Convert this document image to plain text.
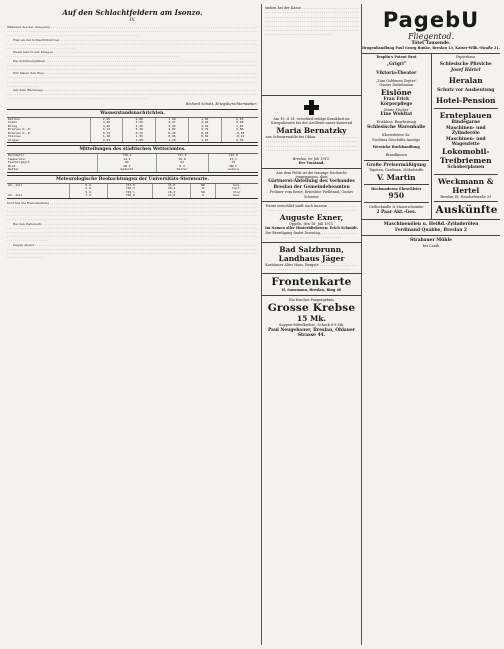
Auf den Schlachtfeldern am Isonzo.
IV.

Während des der Anlegung . . . . . . . . . . . . . . . . . . . . . . . . . . . . . . . . . . . . . . . . . . . . . . . . . . . . . . . . . . . . . . . . . . . . . . . . . . . . . . . . . . . . . . . . . . . . . . . . . . . . . . . . . . . . . . . . . . . . . . . . . . . . . . . . . . . . . . . . . . . . . . . . . . . . . . . . . . . . . . . . . . . . . . . . . . . . . . . . . . . . . . . . . . . . . . . . . . . . . . . . . . . . . . . . . . . . . . . . . . . . . . . . . . . . . . . . . . . . . . . . . . . . . . . . . . . . . . . . . . . . . . . . . . . . . . . . . . . . . . . . . . . . . . . . . . . . . . . . . . . . .

Hier an der Schlachtfront bei . . . . . . . . . . . . . . . . . . . . . . . . . . . . . . . . . . . . . . . . . . . . . . . . . . . . . . . . . . . . . . . . . . . . . . . . . . . . . . . . . . . . . . . . . . . . . . . . . . . . . . . . . . . . . . . . . . . . . . . . . . . . . . . . . . . . . . . . . . . . . . . . . . . . . . . . . . . . . . . . . . . . . . . . . . . . . . . . . . . . . . . . . . . . . . . . . . . . . . . . . . . . . . . . . . . . . . . . . . . . . . . . . . . . . . . . . . . . . . . . . . . . . . . . . . . . . . . . . . . . . . . .

Wenn man in der Krieges . . . . . . . . . . . . . . . . . . . . . . . . . . . . . . . . . . . . . . . . . . . . . . . . . . . . . . . . . . . . . . . . . . . . . . . . . . . . . . . . . . . . . . . . . . . . . . . . . . . . . . . . . . . . . . . . . . . . . . . . . . . . . . . . . . . . . . . . . . . . . . . . . . . . . . . . . . . . . . . . . . . . . . . . . . . . . . . . . . . . . . . . . . . . . . . .

Die Schützengräben . . . . . . . . . . . . . . . . . . . . . . . . . . . . . . . . . . . . . . . . . . . . . . . . . . . . . . . . . . . . . . . . . . . . . . . . . . . . . . . . . . . . . . . . . . . . . . . . . . . . . . . . . . . . . . . . . . . . . . . . . . . . . . . . . . . . . . . . . . . . . . . . . . . . . . . . . . . . . . . . . . . . . . . . . . . . . . . . . . . . . . . . . . . . . . . . . . . . . . . . . . . . . . . . . . . . . . . . . . . . . . . . . . . . . . . . . . . . . . . . . . . . . . . . . . . . . . . . . . . . . . . . . . . . . . . . . . . . . . . . . . . . . . . . . . . . . . . . . . . . . .

Wir haben den Weg . . . . . . . . . . . . . . . . . . . . . . . . . . . . . . . . . . . . . . . . . . . . . . . . . . . . . . . . . . . . . . . . . . . . . . . . . . . . . . . . . . . . . . . . . . . . . . . . . . . . . . . . . . . . . . . . . . . . . . . . . . . . . . . . . . . . . . . . . . . . . . . . . . . . . . . . . . . . . . . . . . . . . . . . . . . . . . . . . . . . . . . . . . . . . . . . . . . . . . . . . . . . . . . . . . . . . . . . . . . . . . . . . . . . . . . . . . . . . . . . . . . . . . . . . . . . . . . . . . . . . . . . . . . . . . . . . . . . . . . . . . . . . . . . . . . . . . . . . . . . . . . . . . . . . . . . . . . . . . . . . . . . . . . . . . . . . . . . . . . . . . . . . . . . . . . . . . . . . . . . . . . . . . . . . . . . . . . . . . . .

Auf dem Rückwege . . . . . . . . . . . . . . . . . . . . . . . . . . . . . . . . . . . . . . . . . . . . . . . . . . . . . . . . . . . . . . . . . . . . . . . . . . . . . . . . . . . . . . . . . . . . . . . . . . . . . . . . . . . . . . . . . . . . . . . . . . . . . . . . . . . . . . . . . . . . . . . . . . . . . . . . . . . . . . . . . . . . . . . . . . . . . . . . . . . . . . . . . . . . . . . . . . . . . . . . . . . . . . . . . . . . . . . . . . . . . . . . . . . . . . . . . . . . . . . . . . . . . . . . . . . . . . . . . . . . . . . . . . . . . . . . . . . . . . . . . . . . . . . . . . . . . . . . . . . . . . . . . . . . .

Richard Schott, Kriegsberichterstatter.
Wasserstandsnachrichten.
Ratibor	2,95	2,88	1,96	1,90	0,63
Cosel	3,40	3,36	2,27	2,20	0,90
Brieg	4,26	4,20	3,52	3,49	1,83
Breslau O.-P.	5,12	5,10	4,82	4,79	3,86
Breslau U.-P.	0,72	0,70	0,22	0,18	-0,68
Steinau	1,40	1,36	0,66	0,62	-0,12
Glogau	2,01	1,98	1,20	1,16	0,30
Mitteilungen des städtischen Wetteramtes.
Barometer	748,2	747,6	749,0
Temperatur	14,2	19,6	15,1
Feuchtigkeit	82	61	79
Wind	SW 2	W 3	NW 1
Wetter	bedeckt	heiter	wolkig
Meteorologische Beobachtungen der Universitäts-Sternwarte.
22. Juli	9 U.	747,8	15,0	NW	bed.
	2 U.	748,3	20,4	W	heit.
	9 U.	749,1	16,2	SW	klar
23. Juli	7 U.	750,0	13,8	S	bed.

Dort hat die Heeresleitung . . . . . . . . . . . . . . . . . . . . . . . . . . . . . . . . . . . . . . . . . . . . . . . . . . . . . . . . . . . . . . . . . . . . . . . . . . . . . . . . . . . . . . . . . . . . . . . . . . . . . . . . . . . . . . . . . . . . . . . . . . . . . . . . . . . . . . . . . . . . . . . . . . . . . . . . . . . . . . . . . . . . . . . . . . . . . . . . . . . . . . . . . . . . . . . . . . . . . . . . . . . . . . . . . . . . . . . . . . . . . . . . . . . . . . . . . . . . . . . . . . . . . . . . . . . . . . . . . . . . . . . . . . . . . . . . . . . . . . . . . . . . . . . . . . . . . . . . . . . . . . . . . . . . . . . . . . . . . . . . . . . . . . . . . . . . . . . . . . . . . . . . . . . . . . . . . . . . . . . . . . . . . . . . . . . . . . . . . . . . . . . . . . . . . . . . . . . . . . . . . . . . . . . . . . . . . . . . . . . . . . . . . . . . . . . . . . . . . . . . . . . . . . . . . . . . . . . . . . . . . . . . . . . . . . . . . . . . . . . . . . . . . . . . . . . . . . . . . . . . . . . . . . . . . . . . . . . . . . . . . . . . . . . . . . . . . . . . . . . . . . . . . . . . . . . . . . . . . . . . . . . . . . . . . . . . . . . . . . . . . .

Bei den Italienern . . . . . . . . . . . . . . . . . . . . . . . . . . . . . . . . . . . . . . . . . . . . . . . . . . . . . . . . . . . . . . . . . . . . . . . . . . . . . . . . . . . . . . . . . . . . . . . . . . . . . . . . . . . . . . . . . . . . . . . . . . . . . . . . . . . . . . . . . . . . . . . . . . . . . . . . . . . . . . . . . . . . . . . . . . . . . . . . . . . . . . . . . . . . . . . . . . . . . . . . . . . . . . . . . . . . . . . . . . . . . . . . . . . . . . . . . . . . . . . . . . . . . . . . . . . . . . . . . . . . . . . . . . . . . . . . . . . . . . . . . . . . . . . . . . . . . . . . . . . . . . . . . . . . . . . . . . . . . . . . . . . . . . . . . . . . . . . . . . . . . . . . . . . . . . . . . . . . . . . . . . . . . . . . . . . . . . . . . . . . . . . . . . . . . . . . . . . . . . . . . . . . . . . . . . . . . . . . . . . . . . . . . . . . . . . . . . . . . . . . . . . . . . . . . . . . . . . . . . . . . . . . . . . . . . . . . . . . . . . . . . . . . . . . . . . . . . . . . . . . . . . . . . . . . . . . . . .

Gegen Abend . . . . . . . . . . . . . . . . . . . . . . . . . . . . . . . . . . . . . . . . . . . . . . . . . . . . . . . . . . . . . . . . . . . . . . . . . . . . . . . . . . . . . . . . . . . . . . . . . . . . . . . . . . . . . . . . . . . . . . . . . . . . . . . . . . . . . . . . . . . . . . . . . . . . . . . . . . . . . . . . . . . . . . . . . . . . . . . . . . . . . . . . . . . . . . . . . . . . . . . . . . . . . . . . . . . . . . . . . . . . . . . . . . . . . . . . . . . . . . . . . . . . . . . . . . . . . . . . . . . . . . . . . . . . . . . . . . . . . . . . . . . . . . . . . . . . . . . . . . . . . . . . . . . . . . . . . . . . . . . . . . . . . . . . . . . . . . . . . . . . . . . . . . . . . . . . . . . . . . . . . . . . . . . . . . . . . . . . . . . . . . . . . . . .

stehen bei der Kasse . . . . . . . . . . . . . . . . . . . . . . . . . . . . . . . . . . . . . . . . . . . . . . . . . . . . . . . . . . . . . . . . . . . . . . . . . . . . . . . . . . . . . . . . . . . . . . . . . . . . . . . . . . . . . . . . . . . . . . . . . . . . . . . . . . . . . . . . . . . . . . . . . . . . . . . . . . . . . . . . . . . . . . . . . . . . . . . . . . . . . . . . . . . . . . . . . . . . . . . . . . . . . . . . . . . . . . . . . . . . . . . . . . . . . . . . . . . . . . . . . . . . . . . . . . . . . . . . . . . . . . . . . . . . . . . .
Am 19. d. M. verschied infolge Krankheit im Kriegsdienste bei der Artillerie unser Kamerad
Maria Bernatzky
aus Schwarzwalde bei Ohlau. . . . . . . . . . . . . . . . . . . . . . . . . . . . . . . . . . . . . . . . . . . . . . . . . . . . . . . . . . . . . . . . . . . . . . . . . . . . . . . . . . . . . . . . . . . . . . . . . . . . . . . . . . . . . . . . . . . . . . . . . . . . . . . . . . . . . . . . . . . . . . . . . . . . . . . . . . . . . . . .
Breslau, im Juli 1915.
Der Vorstand.
Aus dem Felde ist die traurige Nachricht eingegangen, dass
Gärtnerei-Abteilung des Verbandes Breslau der Gemeindebeamten
Frohner vom Reste, Ernestine Fielbrand, Gustav Schreier
Heute entschlief sanft nach kurzem . . . . . . . . . . . . . . . . . . . . . . . . . . . . . . . . . . . . . . . . . . . . . . . . . . . . . . .
Auguste Exner,
Oppeln, den 18. Juli 1915.
Im Namen aller Hinterbliebenen: Erich Schmidt.
Die Beerdigung findet Dienstag, . . . . . . . . . . . . . . . . . . . . . . . . . . . . . . . . . . . . . . . . . . . . .
Bad Salzbrunn, Landhaus Jäger
Kurhäuser Altes Haus, Bergstr. . . . . . . . . . . . . . . . . . . . . . . . . . . . . . . . . . . . . . . . . . . . . . . . . . . . . .
Frontenkarte
H. Sonsmann, Breslau, Ring 40
Ein frisches Fangergebnis
Grosse Krebse
15 Mk.
Suppen-Mittelkrebse, Schock 6-9 Mk.
Paul Neugebauer, Breslau, Ohlauer Strasse 44.
PagebU
Fliegentod.
Tötet Tausende.
Drogenhandlung Paul Georg Bunke, Breslau 13, Kaiser-Wilh.-Straße 21.
Tenplin's Patent Brot
„Grigri"
Viktoria-Theater
„Zum Goldenen Zepter"
Gustav Dinkelmann
Eislöne
Frau Frick
Körperpflege
Marie Fischer
Eine Wohltat
Erstklass. Bearbeitung
Schlesische Warenhalle
Klavierbörse Sa.
Sochtina Geschäfts-Anzeige
Wernicke Buchhandlung
Brandkissen
Große Preisermäßigung
Tapeten, Gardinen, Möbelstoffe
V. Martin
Hochmoderne Eheschleier
950
Gelbschnalle & Mauerschränke
2 Paar Akt.-Ges.
Papierhaus
Schlesische Pfirsiche
Josef Härtel
Heralan
Schutz vor Ausbeutung
Hotel-Pension
Ernteplauen
Bindegarne
Maschinen- und Zylinderöle
Maschinen- und Wagenfette
Lokomobil-Treibriemen
Schoberplauen
Weckmann & Hertel
Breslau IX, Neudorfstraße 33
Auskünfte
Maschinenölen u. Heißd.-Zylinderölen
Ferdinand Quabbe, Breslau 2
Strabauer Mühle
bei Canth
